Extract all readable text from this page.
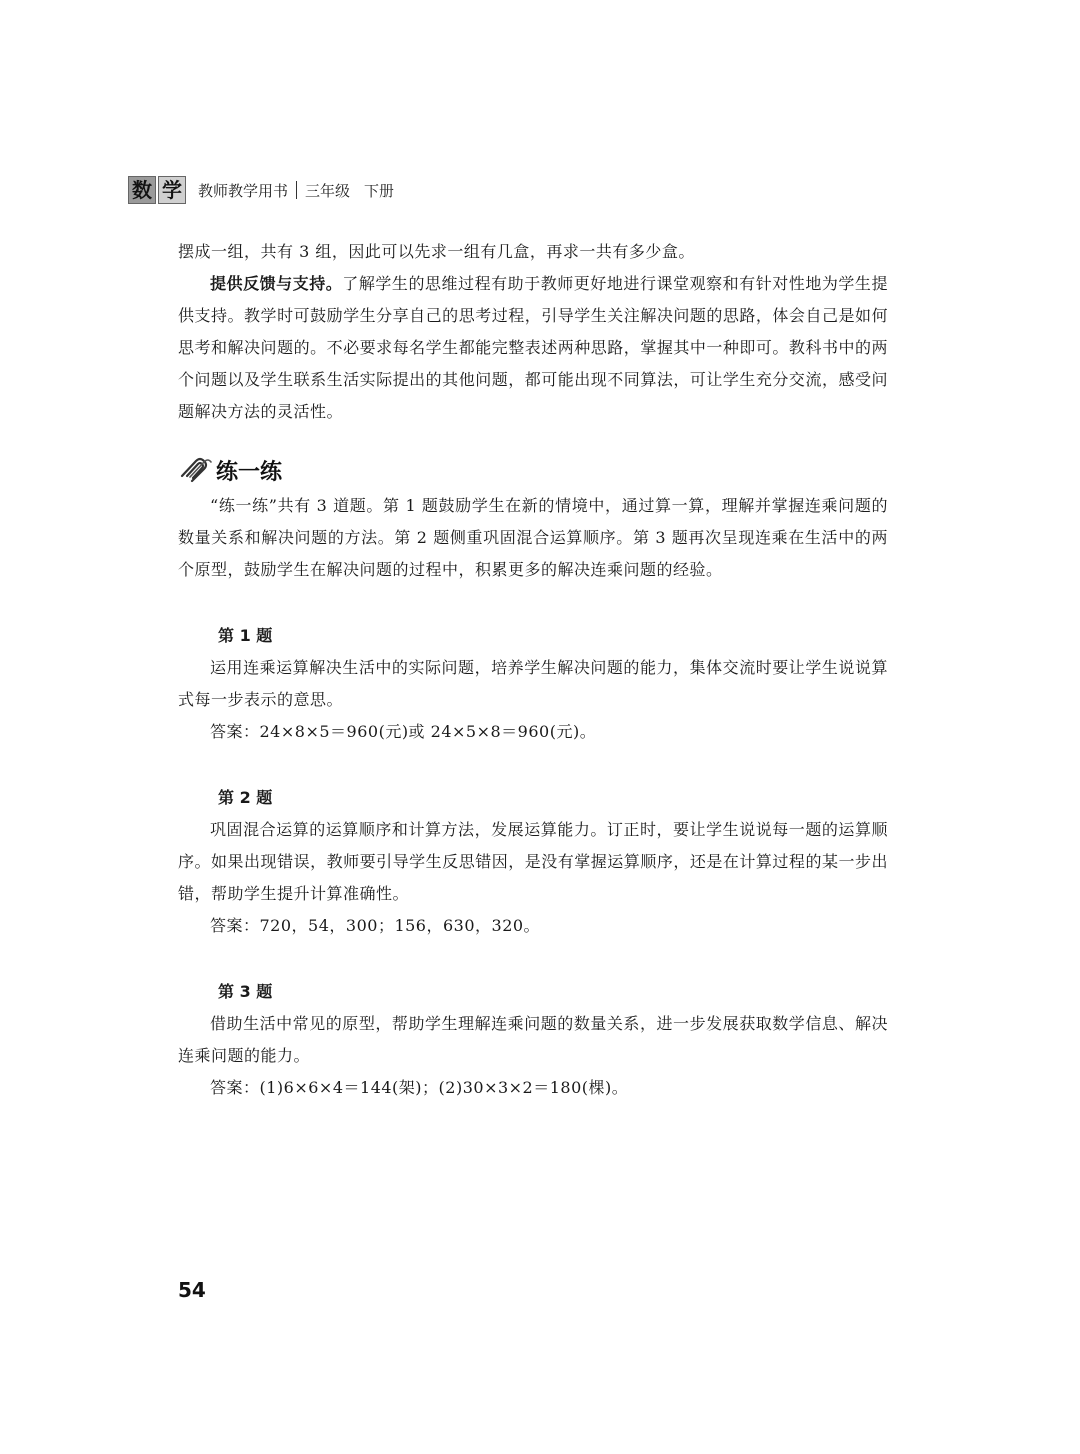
数 学 教师教学用书 三年级 下册

摆成一组，共有 3 组，因此可以先求一组有几盒，再求一共有多少盒。

提供反馈与支持。了解学生的思维过程有助于教师更好地进行课堂观察和有针对性地为学生提供支持。教学时可鼓励学生分享自己的思考过程，引导学生关注解决问题的思路，体会自己是如何思考和解决问题的。不必要求每名学生都能完整表述两种思路，掌握其中一种即可。教科书中的两个问题以及学生联系生活实际提出的其他问题，都可能出现不同算法，可让学生充分交流，感受问题解决方法的灵活性。

练一练

“练一练”共有 3 道题。第 1 题鼓励学生在新的情境中，通过算一算，理解并掌握连乘问题的数量关系和解决问题的方法。第 2 题侧重巩固混合运算顺序。第 3 题再次呈现连乘在生活中的两个原型，鼓励学生在解决问题的过程中，积累更多的解决连乘问题的经验。

第 1 题

运用连乘运算解决生活中的实际问题，培养学生解决问题的能力，集体交流时要让学生说说算式每一步表示的意思。

答案：24×8×5＝960(元)或 24×5×8＝960(元)。

第 2 题

巩固混合运算的运算顺序和计算方法，发展运算能力。订正时，要让学生说说每一题的运算顺序。如果出现错误，教师要引导学生反思错因，是没有掌握运算顺序，还是在计算过程的某一步出错，帮助学生提升计算准确性。

答案：720，54，300；156，630，320。

第 3 题

借助生活中常见的原型，帮助学生理解连乘问题的数量关系，进一步发展获取数学信息、解决连乘问题的能力。

答案：(1)6×6×4＝144(架)；(2)30×3×2＝180(棵)。

54
